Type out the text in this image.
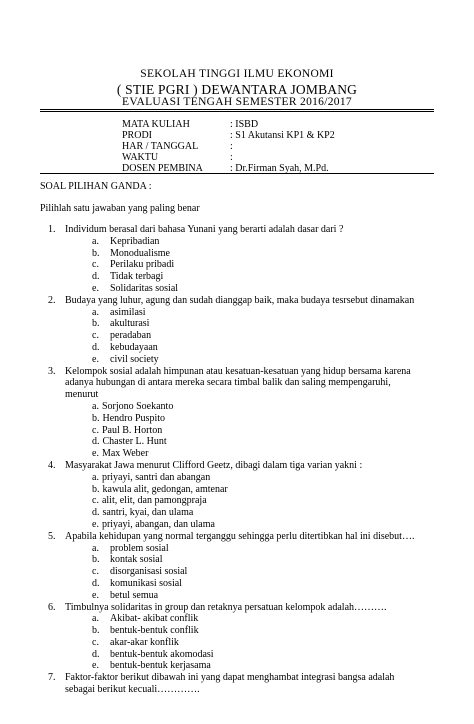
SEKOLAH TINGGI ILMU EKONOMI
( STIE PGRI ) DEWANTARA JOMBANG
EVALUASI TENGAH SEMESTER 2016/2017
MATA KULIAH	: ISBD
PRODI	: S1 Akutansi KP1 & KP2
HAR / TANGGAL	:
WAKTU	:
DOSEN PEMBINA	: Dr.Firman Syah, M.Pd.
SOAL PILIHAN GANDA :
Pilihlah satu jawaban yang paling benar
1. Individum berasal dari bahasa Yunani yang berarti adalah dasar dari ?
a.	Kepribadian
b.	Monodualisme
c.	Perilaku pribadi
d.	Tidak terbagi
e.	Solidaritas sosial
2. Budaya yang luhur, agung dan sudah dianggap baik, maka budaya tesrsebut dinamakan
a.	asimilasi
b.	akulturasi
c.	peradaban
d.	kebudayaan
e.	civil society
3. Kelompok sosial adalah himpunan atau kesatuan-kesatuan yang hidup bersama karena
adanya hubungan di antara mereka secara timbal balik dan saling mempengaruhi,
menurut
a. Sorjono Soekanto
b. Hendro Puspito
c. Paul B. Horton
d. Chaster L. Hunt
e. Max Weber
4. Masyarakat Jawa menurut Clifford Geetz, dibagi dalam tiga varian yakni :
a. priyayi, santri dan abangan
b. kawula alit, gedongan, amtenar
c. alit, elit, dan pamongpraja
d. santri, kyai, dan ulama
e. priyayi, abangan, dan ulama
5. Apabila kehidupan yang normal terganggu sehingga perlu ditertibkan hal ini disebut….
a.	problem sosial
b.	kontak sosial
c.	disorganisasi sosial
d.	komunikasi sosial
e.	betul semua
6. Timbulnya solidaritas in group dan retaknya persatuan kelompok adalah……….
a.	Akibat- akibat conflik
b.	bentuk-bentuk conflik
c.	akar-akar konflik
d.	bentuk-bentuk akomodasi
e.	bentuk-bentuk kerjasama
7. Faktor-faktor berikut dibawah ini yang dapat menghambat integrasi bangsa adalah
sebagai berikut kecuali………….
